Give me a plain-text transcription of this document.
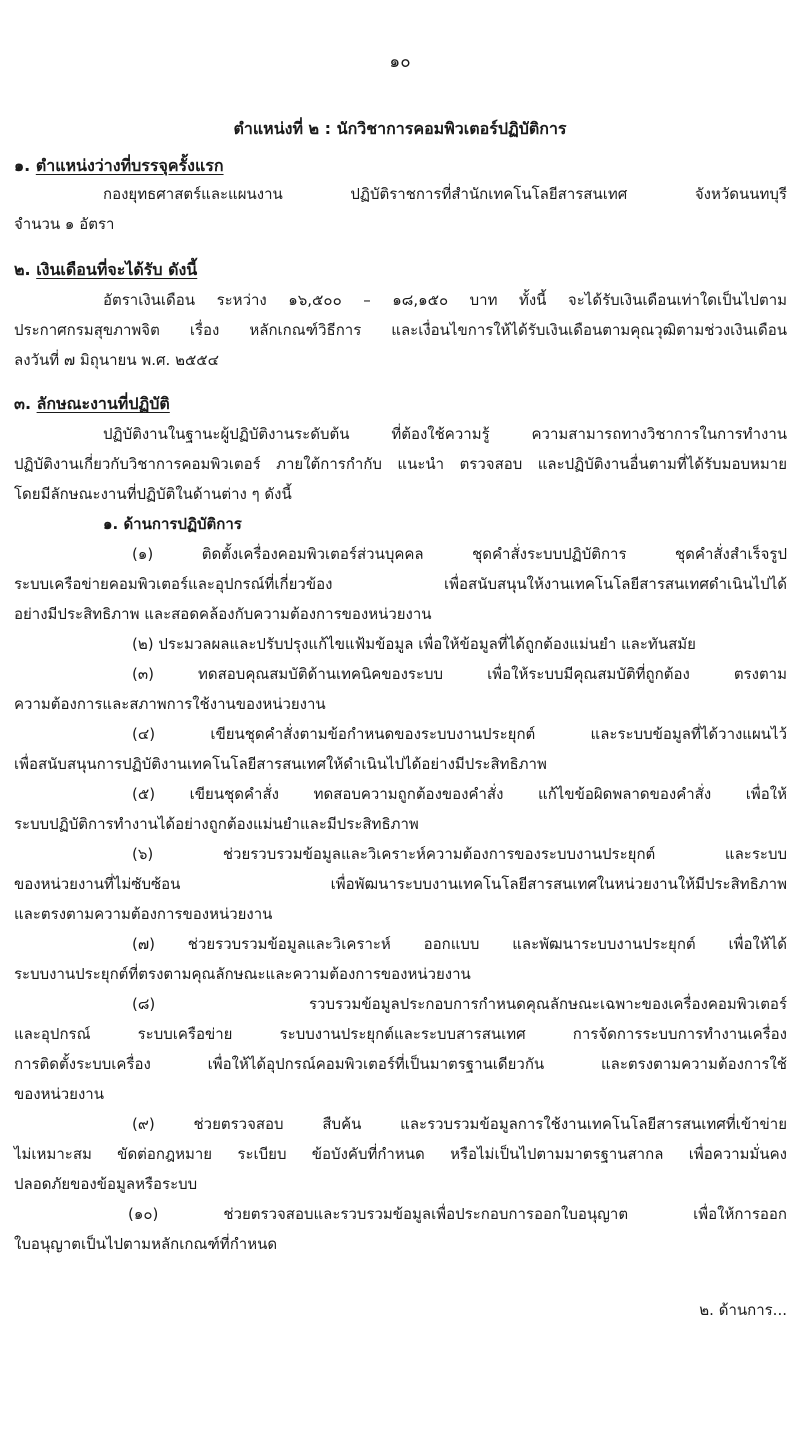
๑๐
ตำแหน่งที่ ๒ : นักวิชาการคอมพิวเตอร์ปฏิบัติการ
๑. ตำแหน่งว่างที่บรรจุครั้งแรก
กองยุทธศาสตร์และแผนงาน ปฏิบัติราชการที่สำนักเทคโนโลยีสารสนเทศ จังหวัดนนทบุรี
จำนวน ๑ อัตรา
๒. เงินเดือนที่จะได้รับ ดังนี้
อัตราเงินเดือน ระหว่าง ๑๖,๕๐๐ – ๑๘,๑๕๐ บาท ทั้งนี้ จะได้รับเงินเดือนเท่าใดเป็นไปตาม
ประกาศกรมสุขภาพจิต เรื่อง หลักเกณฑ์วิธีการ และเงื่อนไขการให้ได้รับเงินเดือนตามคุณวุฒิตามช่วงเงินเดือน
ลงวันที่ ๗ มิถุนายน พ.ศ. ๒๕๕๔
๓. ลักษณะงานที่ปฏิบัติ
ปฏิบัติงานในฐานะผู้ปฏิบัติงานระดับต้น ที่ต้องใช้ความรู้ ความสามารถทางวิชาการในการทำงาน
ปฏิบัติงานเกี่ยวกับวิชาการคอมพิวเตอร์ ภายใต้การกำกับ แนะนำ ตรวจสอบ และปฏิบัติงานอื่นตามที่ได้รับมอบหมาย
โดยมีลักษณะงานที่ปฏิบัติในด้านต่าง ๆ ดังนี้
๑. ด้านการปฏิบัติการ
(๑) ติดตั้งเครื่องคอมพิวเตอร์ส่วนบุคคล ชุดคำสั่งระบบปฏิบัติการ ชุดคำสั่งสำเร็จรูป
ระบบเครือข่ายคอมพิวเตอร์และอุปกรณ์ที่เกี่ยวข้อง เพื่อสนับสนุนให้งานเทคโนโลยีสารสนเทศดำเนินไปได้
อย่างมีประสิทธิภาพ และสอดคล้องกับความต้องการของหน่วยงาน
(๒) ประมวลผลและปรับปรุงแก้ไขแฟ้มข้อมูล เพื่อให้ข้อมูลที่ได้ถูกต้องแม่นยำ และทันสมัย
(๓) ทดสอบคุณสมบัติด้านเทคนิคของระบบ เพื่อให้ระบบมีคุณสมบัติที่ถูกต้อง ตรงตาม
ความต้องการและสภาพการใช้งานของหน่วยงาน
(๔) เขียนชุดคำสั่งตามข้อกำหนดของระบบงานประยุกต์ และระบบข้อมูลที่ได้วางแผนไว้
เพื่อสนับสนุนการปฏิบัติงานเทคโนโลยีสารสนเทศให้ดำเนินไปได้อย่างมีประสิทธิภาพ
(๕) เขียนชุดคำสั่ง ทดสอบความถูกต้องของคำสั่ง แก้ไขข้อผิดพลาดของคำสั่ง เพื่อให้
ระบบปฏิบัติการทำงานได้อย่างถูกต้องแม่นยำและมีประสิทธิภาพ
(๖) ช่วยรวบรวมข้อมูลและวิเคราะห์ความต้องการของระบบงานประยุกต์ และระบบ
ของหน่วยงานที่ไม่ซับซ้อน เพื่อพัฒนาระบบงานเทคโนโลยีสารสนเทศในหน่วยงานให้มีประสิทธิภาพ
และตรงตามความต้องการของหน่วยงาน
(๗) ช่วยรวบรวมข้อมูลและวิเคราะห์ ออกแบบ และพัฒนาระบบงานประยุกต์ เพื่อให้ได้
ระบบงานประยุกต์ที่ตรงตามคุณลักษณะและความต้องการของหน่วยงาน
(๘) รวบรวมข้อมูลประกอบการกำหนดคุณลักษณะเฉพาะของเครื่องคอมพิวเตอร์
และอุปกรณ์ ระบบเครือข่าย ระบบงานประยุกต์และระบบสารสนเทศ การจัดการระบบการทำงานเครื่อง
การติดตั้งระบบเครื่อง เพื่อให้ได้อุปกรณ์คอมพิวเตอร์ที่เป็นมาตรฐานเดียวกัน และตรงตามความต้องการใช้
ของหน่วยงาน
(๙) ช่วยตรวจสอบ สืบค้น และรวบรวมข้อมูลการใช้งานเทคโนโลยีสารสนเทศที่เข้าข่าย
ไม่เหมาะสม ขัดต่อกฎหมาย ระเบียบ ข้อบังคับที่กำหนด หรือไม่เป็นไปตามมาตรฐานสากล เพื่อความมั่นคง
ปลอดภัยของข้อมูลหรือระบบ
(๑๐) ช่วยตรวจสอบและรวบรวมข้อมูลเพื่อประกอบการออกใบอนุญาต เพื่อให้การออก
ใบอนุญาตเป็นไปตามหลักเกณฑ์ที่กำหนด
๒. ด้านการ...
